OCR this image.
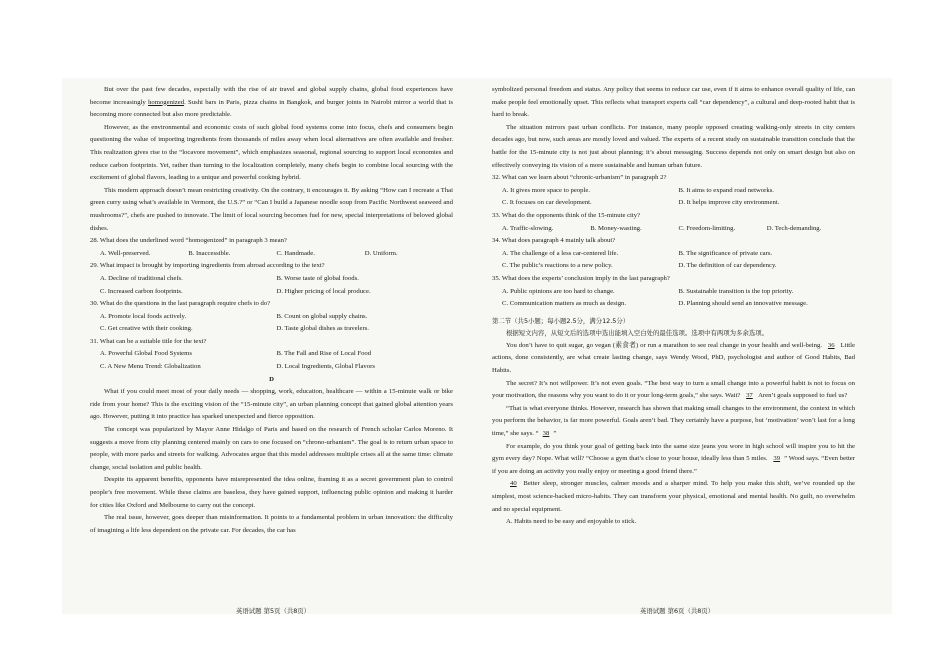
But over the past few decades, especially with the rise of air travel and global supply chains, global food experiences have become increasingly homogenized. Sushi bars in Paris, pizza chains in Bangkok, and burger joints in Nairobi mirror a world that is becoming more connected but also more predictable.

However, as the environmental and economic costs of such global food systems come into focus, chefs and consumers begin questioning the value of importing ingredients from thousands of miles away when local alternatives are often available and fresher. This realization gives rise to the “locavore movement”, which emphasizes seasonal, regional sourcing to support local economies and reduce carbon footprints. Yet, rather than turning to the localization completely, many chefs begin to combine local sourcing with the excitement of global flavors, leading to a unique and powerful cooking hybrid.

This modern approach doesn’t mean restricting creativity. On the contrary, it encourages it. By asking “How can I recreate a Thai green curry using what’s available in Vermont, the U.S.?” or “Can I build a Japanese noodle soup from Pacific Northwest seaweed and mushrooms?”, chefs are pushed to innovate. The limit of local sourcing becomes fuel for new, special interpretations of beloved global dishes.

28. What does the underlined word “homogenized” in paragraph 3 mean?

A. Well-preserved.	B. Inaccessible.	C. Handmade.	D. Uniform.

29. What impact is brought by importing ingredients from abroad according to the text?

A. Decline of traditional chefs.	B. Worse taste of global foods.
C. Increased carbon footprints.	D. Higher pricing of local produce.

30. What do the questions in the last paragraph require chefs to do?

A. Promote local foods actively.	B. Count on global supply chains.
C. Get creative with their cooking.	D. Taste global dishes as travelers.

31. What can be a suitable title for the text?

A. Powerful Global Food Systems	B. The Fall and Rise of Local Food
C. A New Menu Trend: Globalization	D. Local Ingredients, Global Flavors

D

What if you could meet most of your daily needs — shopping, work, education, healthcare — within a 15-minute walk or bike ride from your home? This is the exciting vision of the “15-minute city”, an urban planning concept that gained global attention years ago. However, putting it into practice has sparked unexpected and fierce opposition.

The concept was popularized by Mayor Anne Hidalgo of Paris and based on the research of French scholar Carlos Moreno. It suggests a move from city planning centered mainly on cars to one focused on “chrono-urbanism”. The goal is to return urban space to people, with more parks and streets for walking. Advocates argue that this model addresses multiple crises all at the same time: climate change, social isolation and public health.

Despite its apparent benefits, opponents have misrepresented the idea online, framing it as a secret government plan to control people’s free movement. While these claims are baseless, they have gained support, influencing public opinion and making it harder for cities like Oxford and Melbourne to carry out the concept.

The real issue, however, goes deeper than misinformation. It points to a fundamental problem in urban innovation: the difficulty of imagining a life less dependent on the private car. For decades, the car has

symbolized personal freedom and status. Any policy that seems to reduce car use, even if it aims to enhance overall quality of life, can make people feel emotionally upset. This reflects what transport experts call “car dependency”, a cultural and deep-rooted habit that is hard to break.

The situation mirrors past urban conflicts. For instance, many people opposed creating walking-only streets in city centers decades ago, but now, such areas are mostly loved and valued. The experts of a recent study on sustainable transition conclude that the battle for the 15-minute city is not just about planning; it’s about messaging. Success depends not only on smart design but also on effectively conveying its vision of a more sustainable and human urban future.

32. What can we learn about “chronic-urbanism” in paragraph 2?

A. It gives more space to people.	B. It aims to expand road networks.
C. It focuses on car development.	D. It helps improve city environment.

33. What do the opponents think of the 15-minute city?

A. Traffic-slowing.	B. Money-wasting.	C. Freedom-limiting.	D. Tech-demanding.

34. What does paragraph 4 mainly talk about?

A. The challenge of a less car-centered life.	B. The significance of private cars.
C. The public’s reactions to a new policy.	D. The definition of car dependency.

35. What does the experts’ conclusion imply in the last paragraph?

A. Public opinions are too hard to change.	B. Sustainable transition is the top priority.
C. Communication matters as much as design.	D. Planning should send an innovative message.

第二节（共5小题；每小题2.5分，满分12.5分）

根据短文内容，从短文后的选项中选出能填入空白处的最佳选项。选项中有两项为多余选项。

You don’t have to quit sugar, go vegan (素食者) or run a marathon to see real change in your health and well-being. 36 Little actions, done consistently, are what create lasting change, says Wendy Wood, PhD, psychologist and author of Good Habits, Bad Habits.

The secret? It’s not willpower. It’s not even goals. “The best way to turn a small change into a powerful habit is not to focus on your motivation, the reasons why you want to do it or your long-term goals,” she says. Wait? 37 Aren’t goals supposed to fuel us?

“That is what everyone thinks. However, research has shown that making small changes to the environment, the context in which you perform the behavior, is far more powerful. Goals aren’t bad. They certainly have a purpose, but ‘motivation’ won’t last for a long time,” she says. “ 38 ”

For example, do you think your goal of getting back into the same size jeans you wore in high school will inspire you to hit the gym every day? Nope. What will? “Choose a gym that’s close to your house, ideally less than 5 miles. 39 ” Wood says. “Even better if you are doing an activity you really enjoy or meeting a good friend there.”

40 Better sleep, stronger muscles, calmer moods and a sharper mind. To help you make this shift, we’ve rounded up the simplest, most science-backed micro-habits. They can transform your physical, emotional and mental health. No guilt, no overwhelm and no special equipment.

A. Habits need to be easy and enjoyable to stick.

英语试题 第5页（共8页）	英语试题 第6页（共8页）
